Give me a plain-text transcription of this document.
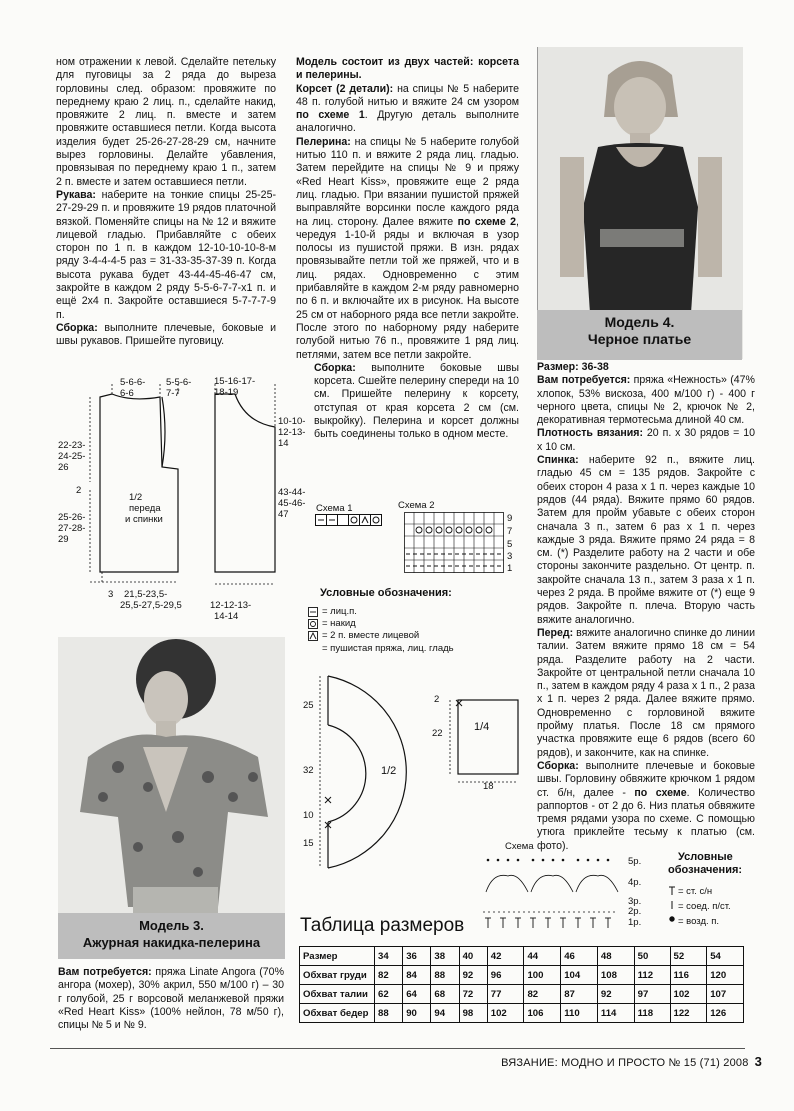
ном отражении к левой. Сделайте петельку для пуговицы за 2 ряда до выреза горловины след. образом: провяжите по переднему краю 2 лиц. п., сделайте накид, провяжите 2 лиц. п. вместе и затем провяжите оставшиеся петли. Когда высота изделия будет 25-26-27-28-29 см, начните вырез горловины. Делайте убавления, провязывая по переднему краю 1 п., затем 2 п. вместе и затем оставшиеся петли.

Рукава: наберите на тонкие спицы 25-25-27-29-29 п. и провяжите 19 рядов платочной вязкой. Поменяйте спицы на № 12 и вяжите лицевой гладью. Прибавляйте с обеих сторон по 1 п. в каждом 12-10-10-10-8-м ряду 3-4-4-4-5 раз = 31-33-35-37-39 п. Когда высота рукава будет 43-44-45-46-47 см, закройте в каждом 2 ряду 5-5-6-7-7-х1 п. и ещё 2х4 п. Закройте оставшиеся 5-7-7-7-9 п.

Сборка: выполните плечевые, боковые и швы рукавов. Пришейте пуговицу.

5-6-6-
6-6
5-5-6-
7-7
22-23-
24-25-
26
2
25-26-
27-28-
29
1/2
переда
и спинки
3 21,5-23,5-
25,5-27,5-29,5
15-16-17-
18-19
10-10-
12-13-
14
43-44-
45-46-
47
12-12-13-
14-14
Модель 3.
Ажурная накидка-пелерина

Вам потребуется: пряжа Linate Angora (70% ангора (мохер), 30% акрил, 550 м/100 г) – 30 г голубой, 25 г ворсовой меланжевой пряжи «Red Heart Kiss» (100% нейлон, 78 м/50 г), спицы № 5 и № 9.

Модель состоит из двух частей: корсета и пелерины.

Корсет (2 детали): на спицы № 5 наберите 48 п. голубой нитью и вяжите 24 см узором по схеме 1. Другую деталь выполните аналогично.

Пелерина: на спицы № 5 наберите голубой нитью 110 п. и вяжите 2 ряда лиц. гладью. Затем перейдите на спицы № 9 и пряжу «Red Heart Kiss», провяжите еще 2 ряда лиц. гладью. При вязании пушистой пряжей выправляйте ворсинки после каждого ряда на лиц. сторону. Далее вяжите по схеме 2, чередуя 1-10-й ряды и включая в узор полосы из пушистой пряжи. В изн. рядах провязывайте петли той же пряжей, что и в лиц. рядах. Одновременно с этим прибавляйте в каждом 2-м ряду равномерно по 6 п. и включайте их в рисунок. На высоте 25 см от наборного ряда все петли закройте. После этого по наборному ряду наберите голубой нитью 76 п., провяжите 1 ряд лиц. петлями, затем все петли закройте.

Сборка: выполните боковые швы корсета. Сшейте пелерину спереди на 10 см. Пришейте пелерину к корсету, отступая от края корсета 2 см (см. выкройку). Пелерина и корсет должны быть соединены только в одном месте.

Схема 1	Схема 2
9
7
5
3
1
Условные обозначения:
= лиц.п.
= накид
= 2 п. вместе лицевой
= пушистая пряжа, лиц. гладь
25
32
10
15
1/2
2
22
1/4
18
Модель 4.
Черное платье

Размер: 36-38

Вам потребуется: пряжа «Нежность» (47% хлопок, 53% вискоза, 400 м/100 г) - 400 г черного цвета, спицы № 2, крючок № 2, декоративная термотесьма длиной 40 см.

Плотность вязания: 20 п. х 30 рядов = 10 х 10 см.

Спинка: наберите 92 п., вяжите лиц. гладью 45 см = 135 рядов. Закройте с обеих сторон 4 раза х 1 п. через каждые 10 рядов (44 ряда). Вяжите прямо 60 рядов. Затем для пройм убавьте с обеих сторон сначала 3 п., затем 6 раз х 1 п. через каждые 3 ряда. Вяжите прямо 24 ряда = 8 см. (*) Разделите работу на 2 части и обе стороны закончите раздельно. От центр. п. закройте сначала 13 п., затем 3 раза х 1 п. через 2 ряда. В пройме вяжите от (*) еще 9 рядов. Закройте п. плеча. Вторую часть вяжите аналогично.

Перед: вяжите аналогично спинке до линии талии. Затем вяжите прямо 18 см = 54 ряда. Разделите работу на 2 части. Закройте от центральной петли сначала 10 п., затем в каждом ряду 4 раза х 1 п., 2 раза х 1 п. через 2 ряда. Далее вяжите прямо. Одновременно с горловиной вяжите пройму платья. После 18 см прямого участка провяжите еще 6 рядов (всего 60 рядов), и закончите, как на спинке.

Сборка: выполните плечевые и боковые швы. Горловину обвяжите крючком 1 рядом ст. б/н, далее - по схеме. Количество раппортов - от 2 до 6. Низ платья обвяжите тремя рядами узора по схеме. С помощью утюга приклейте тесьму к платью (см. фото).

Схема
5р.
4р.
3р.
2р.
1р.
Условные
обозначения:
= ст. с/н
= соед. п/ст.
= возд. п.
Таблица размеров
Размер	34	36	38	40	42	44	46	48	50	52	54
Обхват груди	82	84	88	92	96	100	104	108	112	116	120
Обхват талии	62	64	68	72	77	82	87	92	97	102	107
Обхват бедер	88	90	94	98	102	106	110	114	118	122	126
ВЯЗАНИЕ: МОДНО И ПРОСТО № 15 (71) 2008 3
